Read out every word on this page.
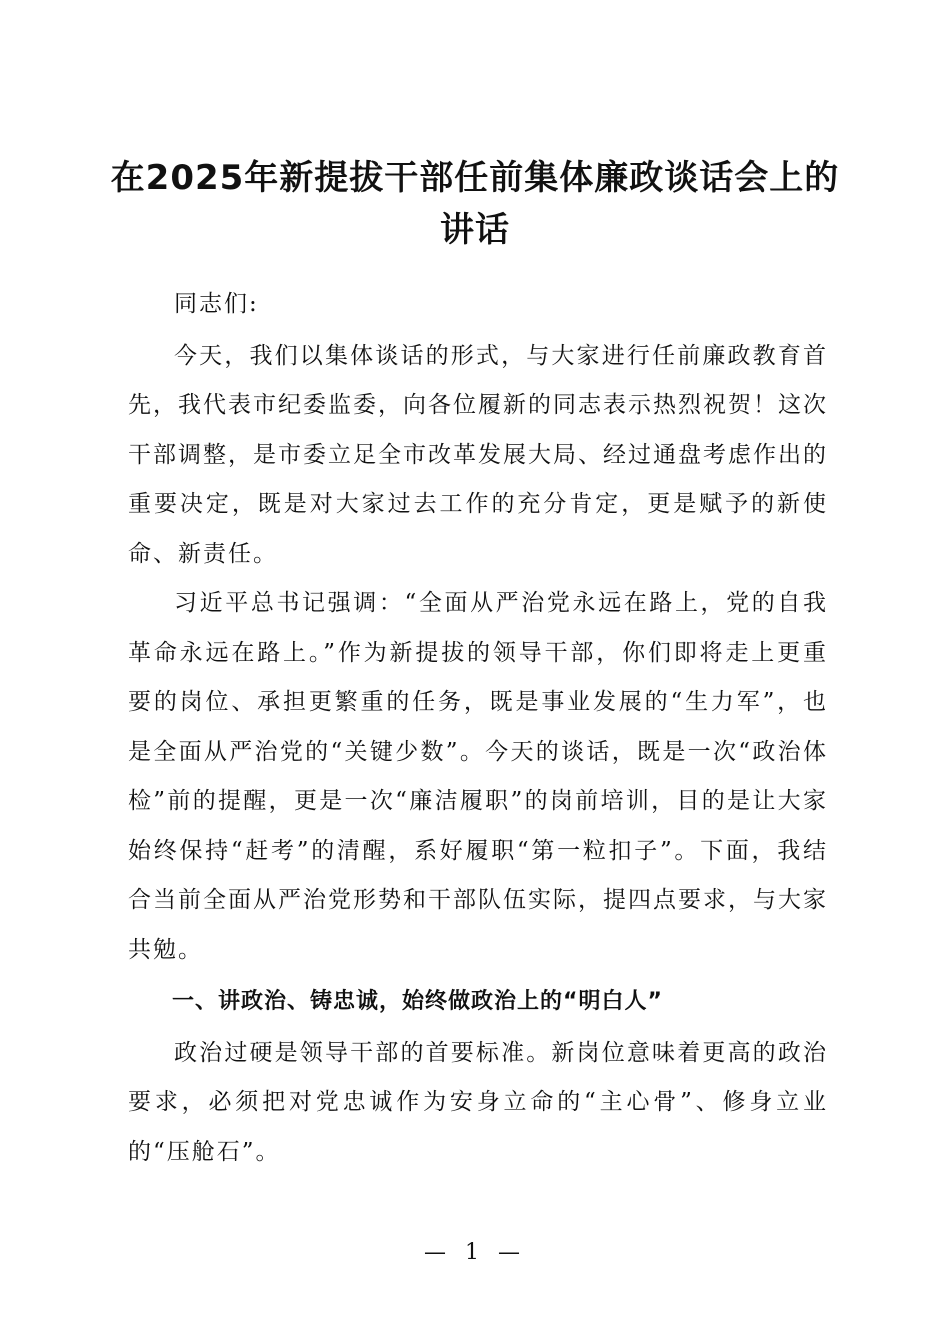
在2025年新提拔干部任前集体廉政谈话会上的讲话

同志们:

今天，我们以集体谈话的形式，与大家进行任前廉政教育首先，我代表市纪委监委，向各位履新的同志表示热烈祝贺！这次干部调整，是市委立足全市改革发展大局、经过通盘考虑作出的重要决定，既是对大家过去工作的充分肯定，更是赋予的新使命、新责任。

习近平总书记强调：“全面从严治党永远在路上，党的自我革命永远在路上。”作为新提拔的领导干部，你们即将走上更重要的岗位、承担更繁重的任务，既是事业发展的“生力军”，也是全面从严治党的“关键少数”。今天的谈话，既是一次“政治体检”前的提醒，更是一次“廉洁履职”的岗前培训，目的是让大家始终保持“赶考”的清醒，系好履职“第一粒扣子”。下面，我结合当前全面从严治党形势和干部队伍实际，提四点要求，与大家共勉。

一、讲政治、铸忠诚，始终做政治上的“明白人”

政治过硬是领导干部的首要标准。新岗位意味着更高的政治要求，必须把对党忠诚作为安身立命的“主心骨”、修身立业的“压舱石”。

— 1 —
